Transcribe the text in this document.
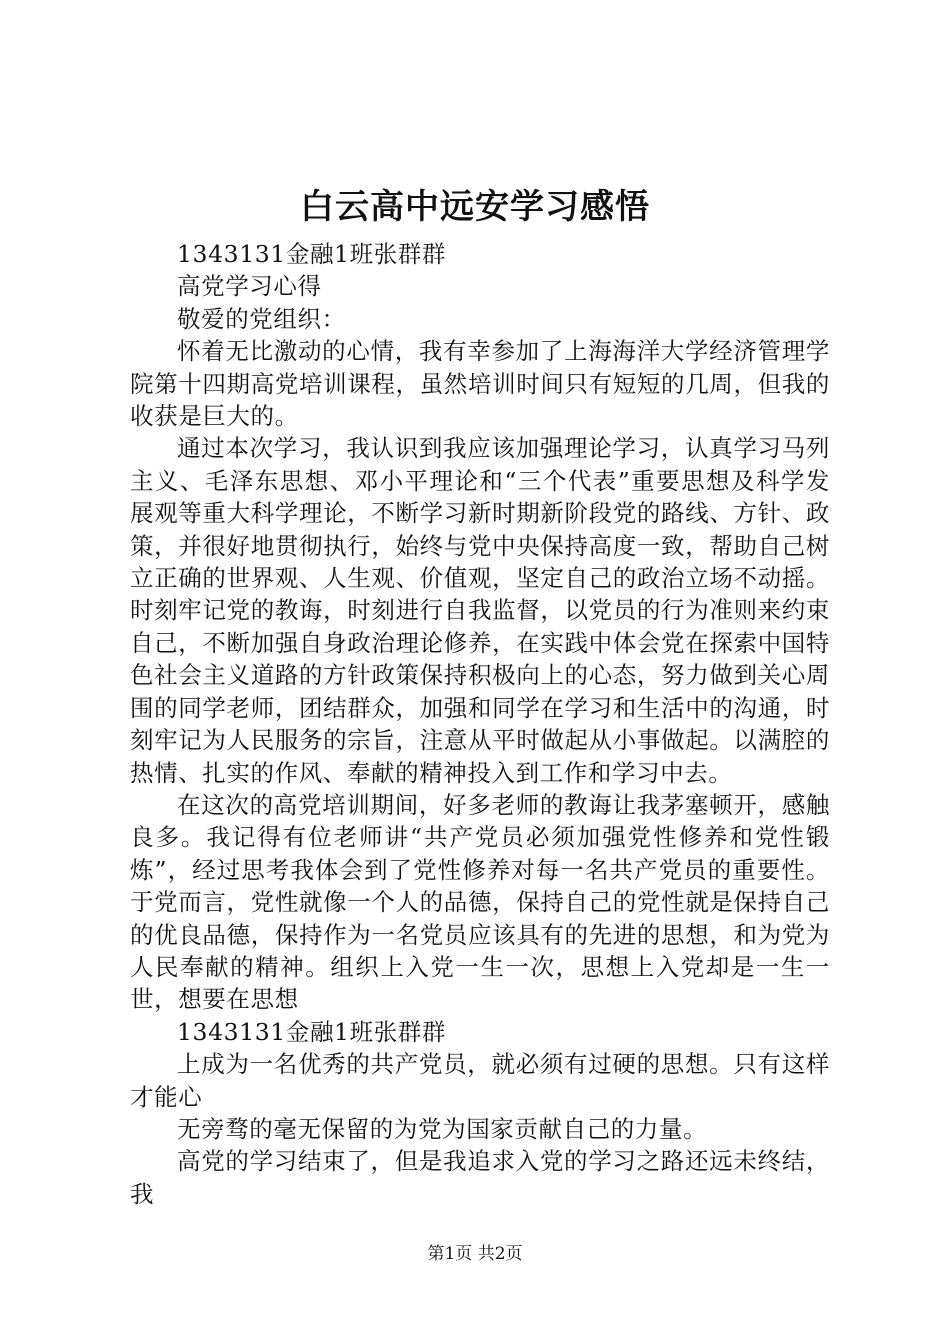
白云高中远安学习感悟

1343131金融1班张群群

高党学习心得

敬爱的党组织：

怀着无比激动的心情，我有幸参加了上海海洋大学经济管理学院第十四期高党培训课程，虽然培训时间只有短短的几周，但我的收获是巨大的。

通过本次学习，我认识到我应该加强理论学习，认真学习马列主义、毛泽东思想、邓小平理论和“三个代表”重要思想及科学发展观等重大科学理论，不断学习新时期新阶段党的路线、方针、政策，并很好地贯彻执行，始终与党中央保持高度一致，帮助自己树立正确的世界观、人生观、价值观，坚定自己的政治立场不动摇。时刻牢记党的教诲，时刻进行自我监督，以党员的行为准则来约束自己，不断加强自身政治理论修养，在实践中体会党在探索中国特色社会主义道路的方针政策保持积极向上的心态，努力做到关心周围的同学老师，团结群众，加强和同学在学习和生活中的沟通，时刻牢记为人民服务的宗旨，注意从平时做起从小事做起。以满腔的热情、扎实的作风、奉献的精神投入到工作和学习中去。

在这次的高党培训期间，好多老师的教诲让我茅塞顿开，感触良多。我记得有位老师讲“共产党员必须加强党性修养和党性锻炼”，经过思考我体会到了党性修养对每一名共产党员的重要性。于党而言，党性就像一个人的品德，保持自己的党性就是保持自己的优良品德，保持作为一名党员应该具有的先进的思想，和为党为人民奉献的精神。组织上入党一生一次，思想上入党却是一生一世，想要在思想

1343131金融1班张群群

上成为一名优秀的共产党员，就必须有过硬的思想。只有这样才能心

无旁骛的毫无保留的为党为国家贡献自己的力量。

高党的学习结束了，但是我追求入党的学习之路还远未终结，我

第1页 共2页
